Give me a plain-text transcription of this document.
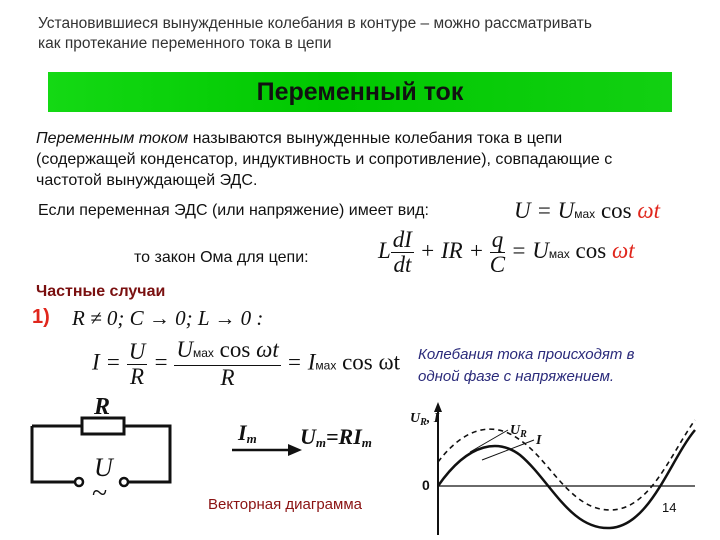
Установившиеся вынужденные колебания в контуре – можно рассматривать
как протекание переменного тока в цепи
Переменный ток
Переменным током называются вынужденные колебания тока в цепи
(содержащей конденсатор, индуктивность и сопротивление), совпадающие с
частотой вынуждающей ЭДС.
Если переменная ЭДС (или напряжение) имеет вид:	U = Uмах cos ωt
то закон Ома для цепи:	L $\frac{dI}{dt}$ + IR + $\frac{q}{C}$ = Uмах cos ωt
Частные случаи
1) R ≠ 0; C → 0; L → 0 :
$I = \frac{U}{R} = \frac{\text{Uмах cos ωt}}{R}$ = Iмах cos ωt Колебания тока происходят в
одной фазе с напряжением.
R
U
~
Im Um=RIm
Векторная диаграмма
$U_R$, I
0
$U_R$ I
14
